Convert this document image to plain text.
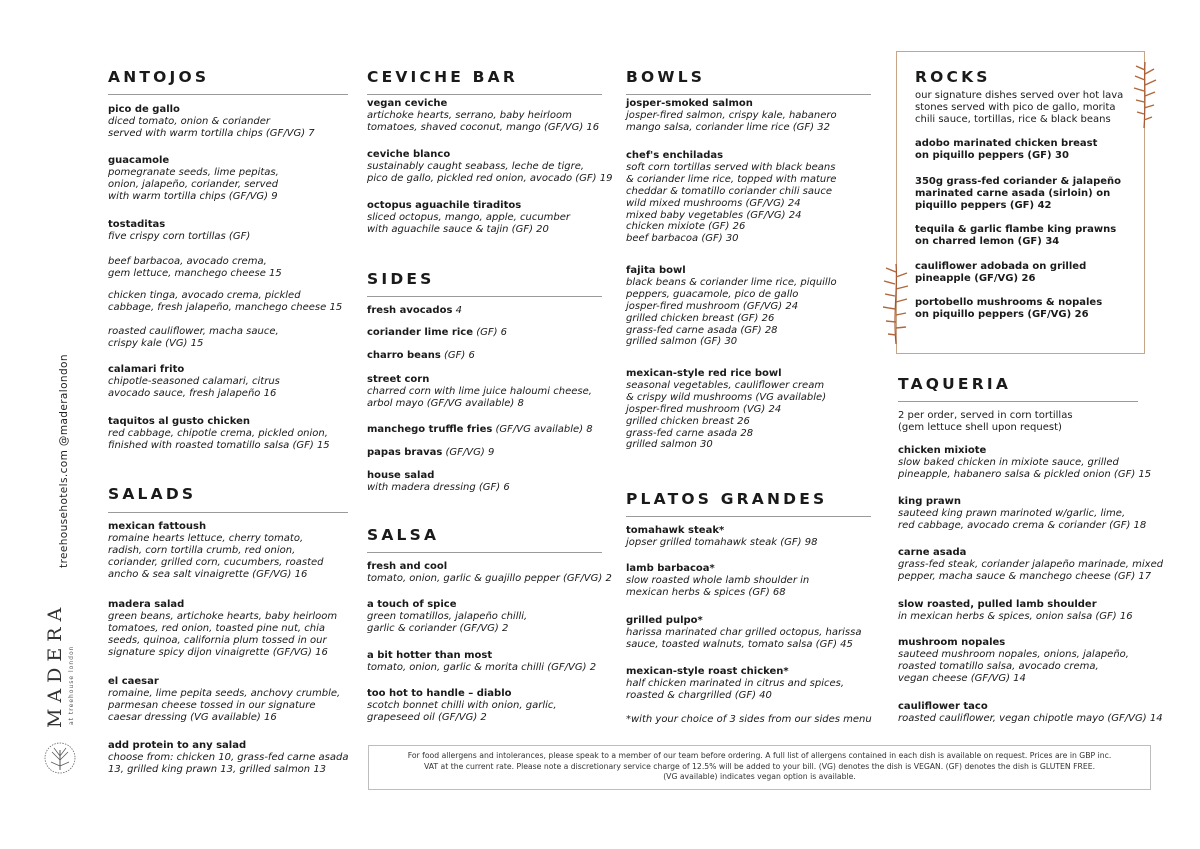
treehousehotels.com @maderalondon
MADERA at treehouse london
ANTOJOS
pico de gallo
diced tomato, onion & coriander
served with warm tortilla chips (GF/VG) 7
guacamole
pomegranate seeds, lime pepitas,
onion, jalapeño, coriander, served
with warm tortilla chips (GF/VG) 9
tostaditas
five crispy corn tortillas (GF)
beef barbacoa, avocado crema,
gem lettuce, manchego cheese 15
chicken tinga, avocado crema, pickled
cabbage, fresh jalapeño, manchego cheese 15
roasted cauliflower, macha sauce,
crispy kale (VG) 15
calamari frito
chipotle-seasoned calamari, citrus
avocado sauce, fresh jalapeño 16
taquitos al gusto chicken
red cabbage, chipotle crema, pickled onion,
finished with roasted tomatillo salsa (GF) 15
SALADS
mexican fattoush
romaine hearts lettuce, cherry tomato,
radish, corn tortilla crumb, red onion,
coriander, grilled corn, cucumbers, roasted
ancho & sea salt vinaigrette (GF/VG) 16
madera salad
green beans, artichoke hearts, baby heirloom
tomatoes, red onion, toasted pine nut, chia
seeds, quinoa, california plum tossed in our
signature spicy dijon vinaigrette (GF/VG) 16
el caesar
romaine, lime pepita seeds, anchovy crumble,
parmesan cheese tossed in our signature
caesar dressing (VG available) 16
add protein to any salad
choose from: chicken 10, grass-fed carne asada
13, grilled king prawn 13, grilled salmon 13
CEVICHE BAR
vegan ceviche
artichoke hearts, serrano, baby heirloom
tomatoes, shaved coconut, mango (GF/VG) 16
ceviche blanco
sustainably caught seabass, leche de tigre,
pico de gallo, pickled red onion, avocado (GF) 19
octopus aguachile tiraditos
sliced octopus, mango, apple, cucumber
with aguachile sauce & tajin (GF) 20
SIDES
fresh avocados 4
coriander lime rice (GF) 6
charro beans (GF) 6
street corn
charred corn with lime juice haloumi cheese,
arbol mayo (GF/VG available) 8
manchego truffle fries (GF/VG available) 8
papas bravas (GF/VG) 9
house salad
with madera dressing (GF) 6
SALSA
fresh and cool
tomato, onion, garlic & guajillo pepper (GF/VG) 2
a touch of spice
green tomatillos, jalapeño chilli,
garlic & coriander (GF/VG) 2
a bit hotter than most
tomato, onion, garlic & morita chilli (GF/VG) 2
too hot to handle – diablo
scotch bonnet chilli with onion, garlic,
grapeseed oil (GF/VG) 2
BOWLS
josper-smoked salmon
josper-fired salmon, crispy kale, habanero
mango salsa, coriander lime rice (GF) 32
chef's enchiladas
soft corn tortillas served with black beans
& coriander lime rice, topped with mature
cheddar & tomatillo coriander chili sauce
wild mixed mushrooms (GF/VG) 24
mixed baby vegetables (GF/VG) 24
chicken mixiote (GF) 26
beef barbacoa (GF) 30
fajita bowl
black beans & coriander lime rice, piquillo
peppers, guacamole, pico de gallo
josper-fired mushroom (GF/VG) 24
grilled chicken breast (GF) 26
grass-fed carne asada (GF) 28
grilled salmon (GF) 30
mexican-style red rice bowl
seasonal vegetables, cauliflower cream
& crispy wild mushrooms (VG available)
josper-fired mushroom (VG) 24
grilled chicken breast 26
grass-fed carne asada 28
grilled salmon 30
PLATOS GRANDES
tomahawk steak*
jopser grilled tomahawk steak (GF) 98
lamb barbacoa*
slow roasted whole lamb shoulder in
mexican herbs & spices (GF) 68
grilled pulpo*
harissa marinated char grilled octopus, harissa
sauce, toasted walnuts, tomato salsa (GF) 45
mexican-style roast chicken*
half chicken marinated in citrus and spices,
roasted & chargrilled (GF) 40
*with your choice of 3 sides from our sides menu
ROCKS
our signature dishes served over hot lava
stones served with pico de gallo, morita
chili sauce, tortillas, rice & black beans
adobo marinated chicken breast
on piquillo peppers (GF) 30
350g grass-fed coriander & jalapeño
marinated carne asada (sirloin) on
piquillo peppers (GF) 42
tequila & garlic flambe king prawns
on charred lemon (GF) 34
cauliflower adobada on grilled
pineapple (GF/VG) 26
portobello mushrooms & nopales
on piquillo peppers (GF/VG) 26
TAQUERIA
2 per order, served in corn tortillas
(gem lettuce shell upon request)
chicken mixiote
slow baked chicken in mixiote sauce, grilled
pineapple, habanero salsa & pickled onion (GF) 15
king prawn
sauteed king prawn marinoted w/garlic, lime,
red cabbage, avocado crema & coriander (GF) 18
carne asada
grass-fed steak, coriander jalapeño marinade, mixed
pepper, macha sauce & manchego cheese (GF) 17
slow roasted, pulled lamb shoulder
in mexican herbs & spices, onion salsa (GF) 16
mushroom nopales
sauteed mushroom nopales, onions, jalapeño,
roasted tomatillo salsa, avocado crema,
vegan cheese (GF/VG) 14
cauliflower taco
roasted cauliflower, vegan chipotle mayo (GF/VG) 14
For food allergens and intolerances, please speak to a member of our team before ordering. A full list of allergens contained in each dish is available on request. Prices are in GBP inc.
VAT at the current rate. Please note a discretionary service charge of 12.5% will be added to your bill. (VG) denotes the dish is VEGAN. (GF) denotes the dish is GLUTEN FREE.
(VG available) indicates vegan option is available.
